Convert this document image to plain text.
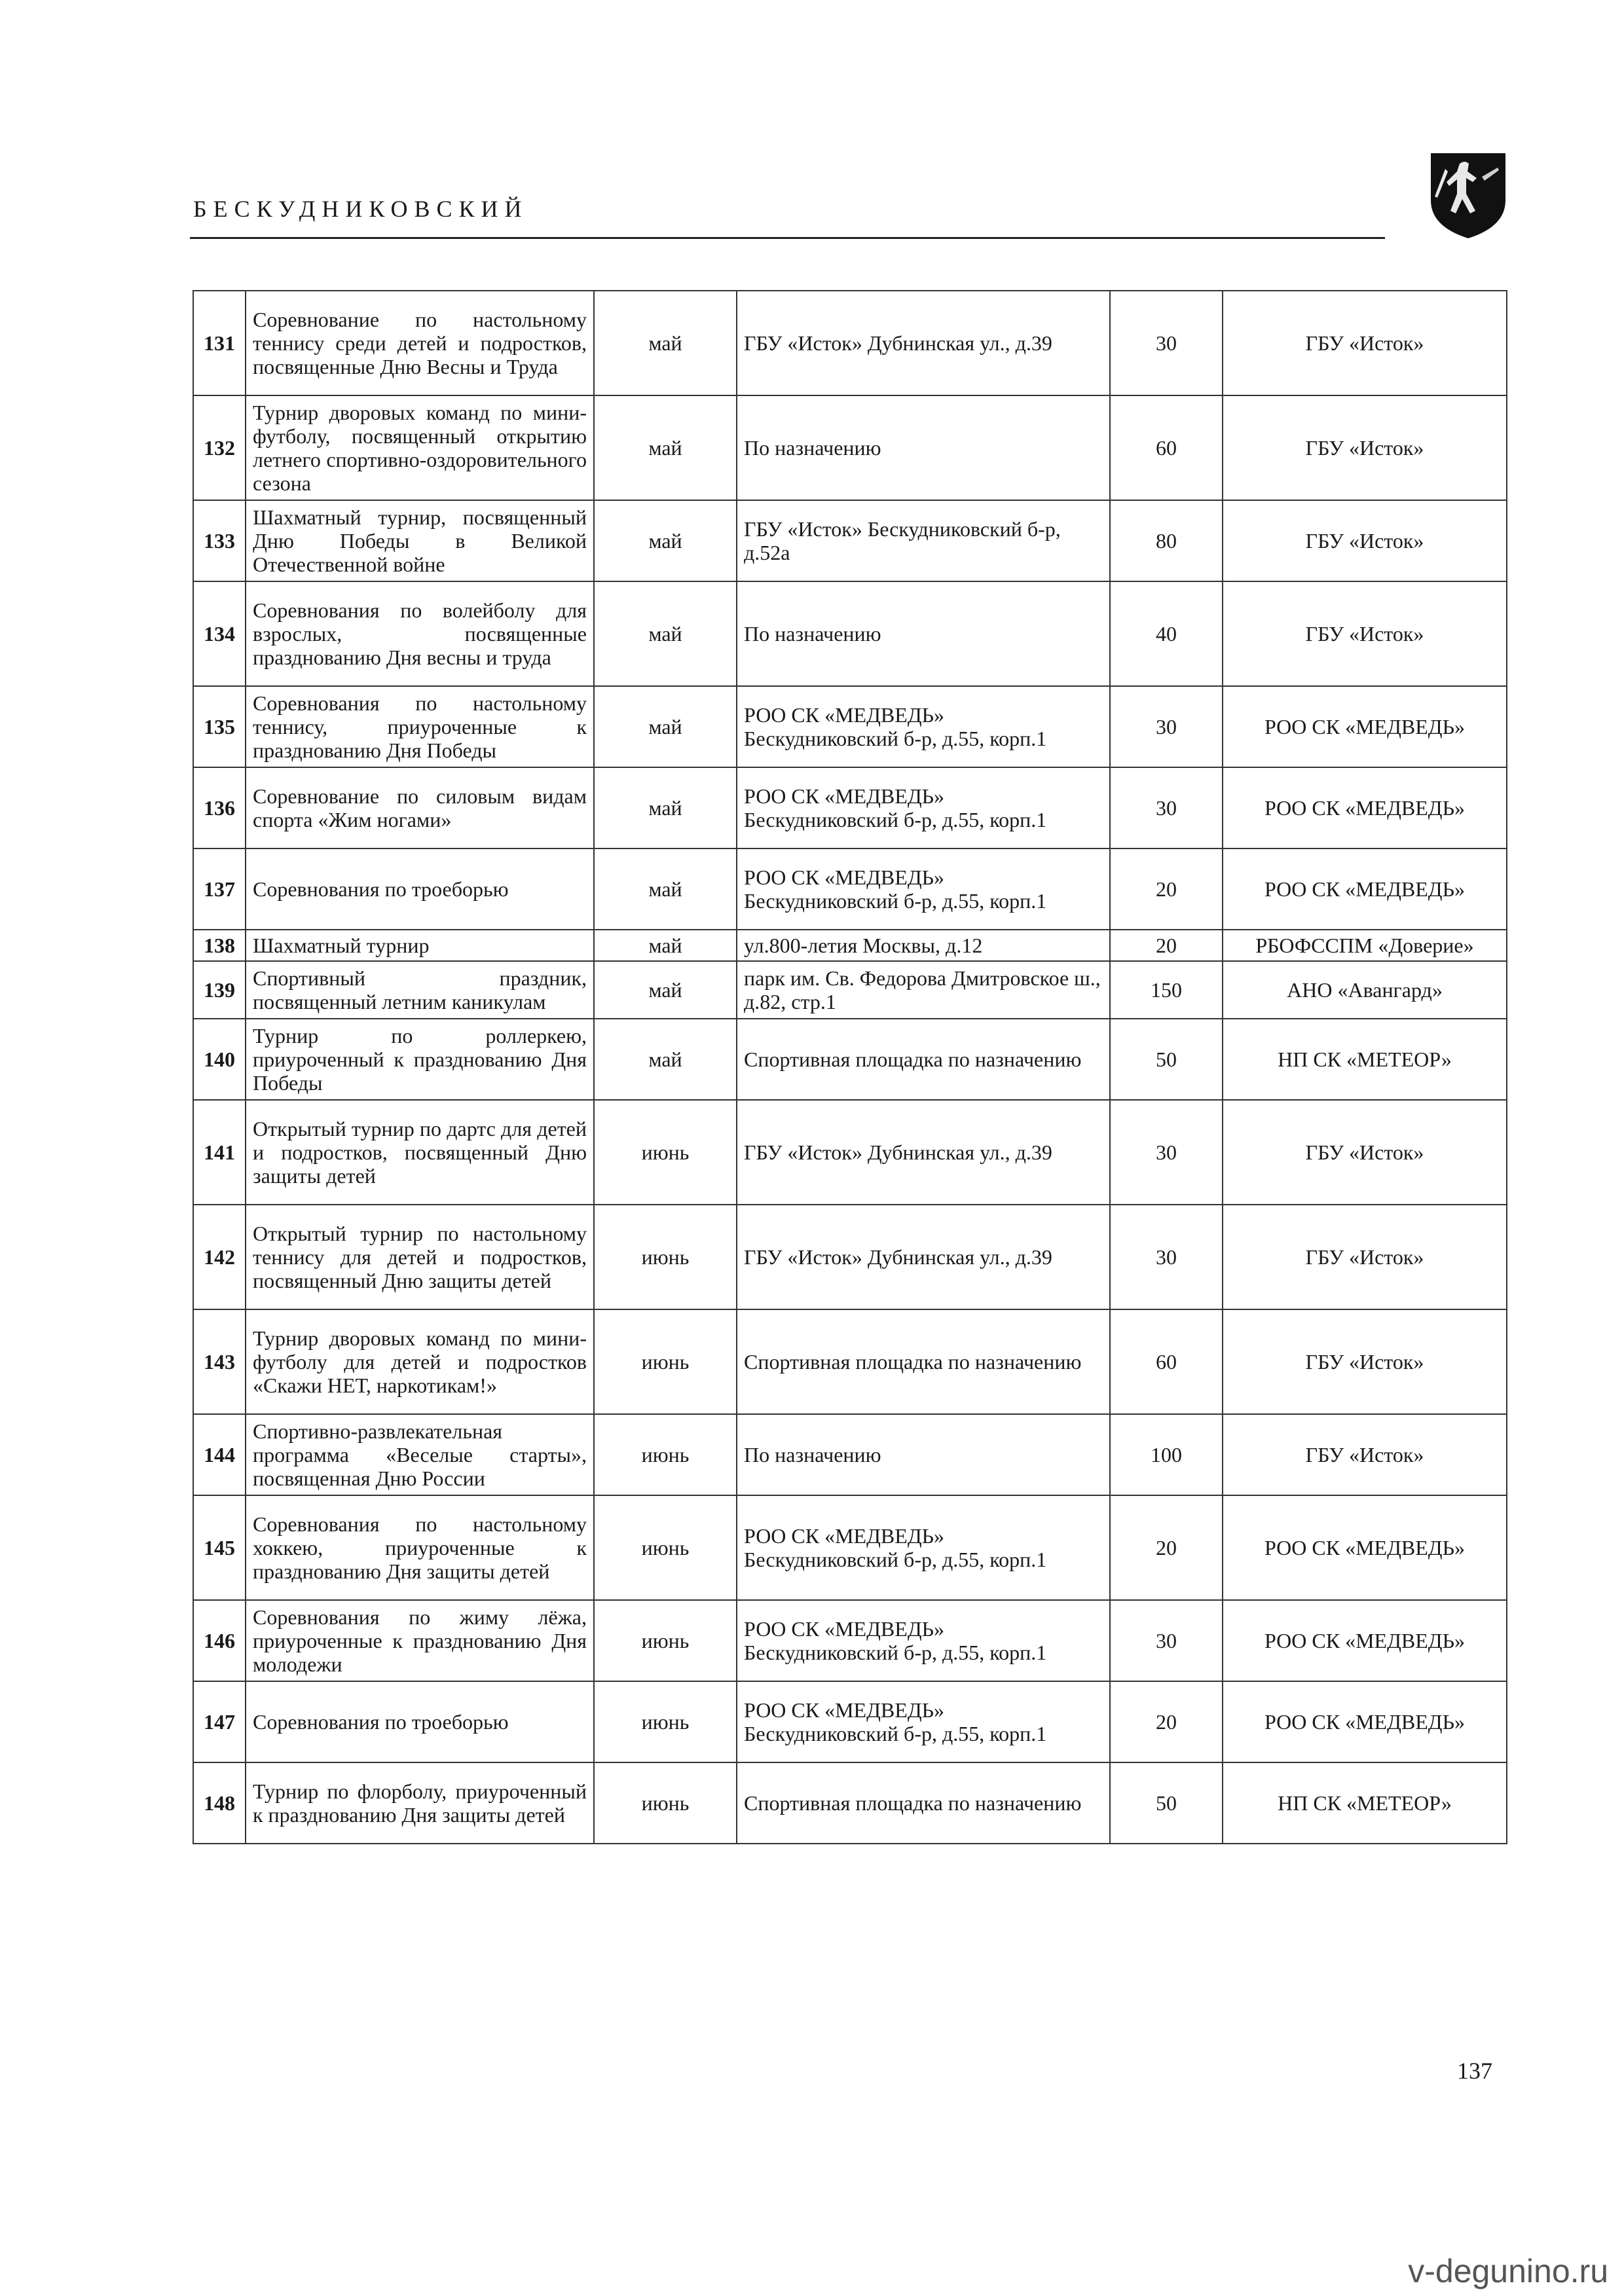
БЕСКУДНИКОВСКИЙ
131	Соревнование по настольному теннису среди детей и подростков, посвященные Дню Весны и Труда	май	ГБУ «Исток» Дубнинская ул., д.39	30	ГБУ «Исток»
132	Турнир дворовых команд по мини-футболу, посвященный открытию летнего спортивно-оздоровительного сезона	май	По назначению	60	ГБУ «Исток»
133	Шахматный турнир, посвященный Дню Победы в Великой Отечественной войне	май	ГБУ «Исток» Бескудниковский б-р, д.52а	80	ГБУ «Исток»
134	Соревнования по волейболу для взрослых, посвященные празднованию Дня весны и труда	май	По назначению	40	ГБУ «Исток»
135	Соревнования по настольному теннису, приуроченные к празднованию Дня Победы	май	РОО СК «МЕДВЕДЬ» Бескудниковский б-р, д.55, корп.1	30	РОО СК «МЕДВЕДЬ»
136	Соревнование по силовым видам спорта «Жим ногами»	май	РОО СК «МЕДВЕДЬ» Бескудниковский б-р, д.55, корп.1	30	РОО СК «МЕДВЕДЬ»
137	Соревнования по троеборью	май	РОО СК «МЕДВЕДЬ» Бескудниковский б-р, д.55, корп.1	20	РОО СК «МЕДВЕДЬ»
138	Шахматный турнир	май	ул.800-летия Москвы, д.12	20	РБОФССПМ «Доверие»
139	Спортивный праздник, посвященный летним каникулам	май	парк им. Св. Федорова Дмитровское ш., д.82, стр.1	150	АНО «Авангард»
140	Турнир по роллеркею, приуроченный к празднованию Дня Победы	май	Спортивная площадка по назначению	50	НП СК «МЕТЕОР»
141	Открытый турнир по дартс для детей и подростков, посвященный Дню защиты детей	июнь	ГБУ «Исток» Дубнинская ул., д.39	30	ГБУ «Исток»
142	Открытый турнир по настольному теннису для детей и подростков, посвященный Дню защиты детей	июнь	ГБУ «Исток» Дубнинская ул., д.39	30	ГБУ «Исток»
143	Турнир дворовых команд по мини-футболу для детей и подростков «Скажи НЕТ, наркотикам!»	июнь	Спортивная площадка по назначению	60	ГБУ «Исток»
144	Спортивно-развлекательная программа «Веселые старты», посвященная Дню России	июнь	По назначению	100	ГБУ «Исток»
145	Соревнования по настольному хоккею, приуроченные к празднованию Дня защиты детей	июнь	РОО СК «МЕДВЕДЬ» Бескудниковский б-р, д.55, корп.1	20	РОО СК «МЕДВЕДЬ»
146	Соревнования по жиму лёжа, приуроченные к празднованию Дня молодежи	июнь	РОО СК «МЕДВЕДЬ» Бескудниковский б-р, д.55, корп.1	30	РОО СК «МЕДВЕДЬ»
147	Соревнования по троеборью	июнь	РОО СК «МЕДВЕДЬ» Бескудниковский б-р, д.55, корп.1	20	РОО СК «МЕДВЕДЬ»
148	Турнир по флорболу, приуроченный к празднованию Дня защиты детей	июнь	Спортивная площадка по назначению	50	НП СК «МЕТЕОР»
137
v-degunino.ru
